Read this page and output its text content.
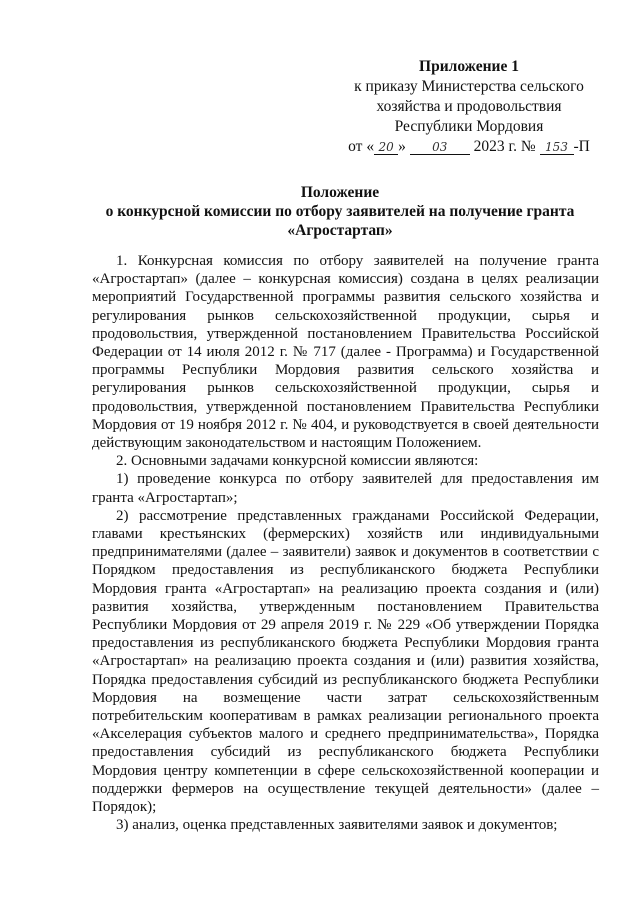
Приложение 1
к приказу Министерства сельского
хозяйства и продовольствия
Республики Мордовия
от « 20 » 03 2023 г. № 153 -П
Положение
о конкурсной комиссии по отбору заявителей на получение гранта
«Агростартап»

1. Конкурсная комиссия по отбору заявителей на получение гранта «Агростартап» (далее – конкурсная комиссия) создана в целях реализации мероприятий Государственной программы развития сельского хозяйства и регулирования рынков сельскохозяйственной продукции, сырья и продовольствия, утвержденной постановлением Правительства Российской Федерации от 14 июля 2012 г. № 717 (далее - Программа) и Государственной программы Республики Мордовия развития сельского хозяйства и регулирования рынков сельскохозяйственной продукции, сырья и продовольствия, утвержденной постановлением Правительства Республики Мордовия от 19 ноября 2012 г. № 404, и руководствуется в своей деятельности действующим законодательством и настоящим Положением.

2. Основными задачами конкурсной комиссии являются:

1) проведение конкурса по отбору заявителей для предоставления им гранта «Агростартап»;

2) рассмотрение представленных гражданами Российской Федерации, главами крестьянских (фермерских) хозяйств или индивидуальными предпринимателями (далее – заявители) заявок и документов в соответствии с Порядком предоставления из республиканского бюджета Республики Мордовия гранта «Агростартап» на реализацию проекта создания и (или) развития хозяйства, утвержденным постановлением Правительства Республики Мордовия от 29 апреля 2019 г. № 229 «Об утверждении Порядка предоставления из республиканского бюджета Республики Мордовия гранта «Агростартап» на реализацию проекта создания и (или) развития хозяйства, Порядка предоставления субсидий из республиканского бюджета Республики Мордовия на возмещение части затрат сельскохозяйственным потребительским кооперативам в рамках реализации регионального проекта «Акселерация субъектов малого и среднего предпринимательства», Порядка предоставления субсидий из республиканского бюджета Республики Мордовия центру компетенции в сфере сельскохозяйственной кооперации и поддержки фермеров на осуществление текущей деятельности» (далее – Порядок);

3) анализ, оценка представленных заявителями заявок и документов;
